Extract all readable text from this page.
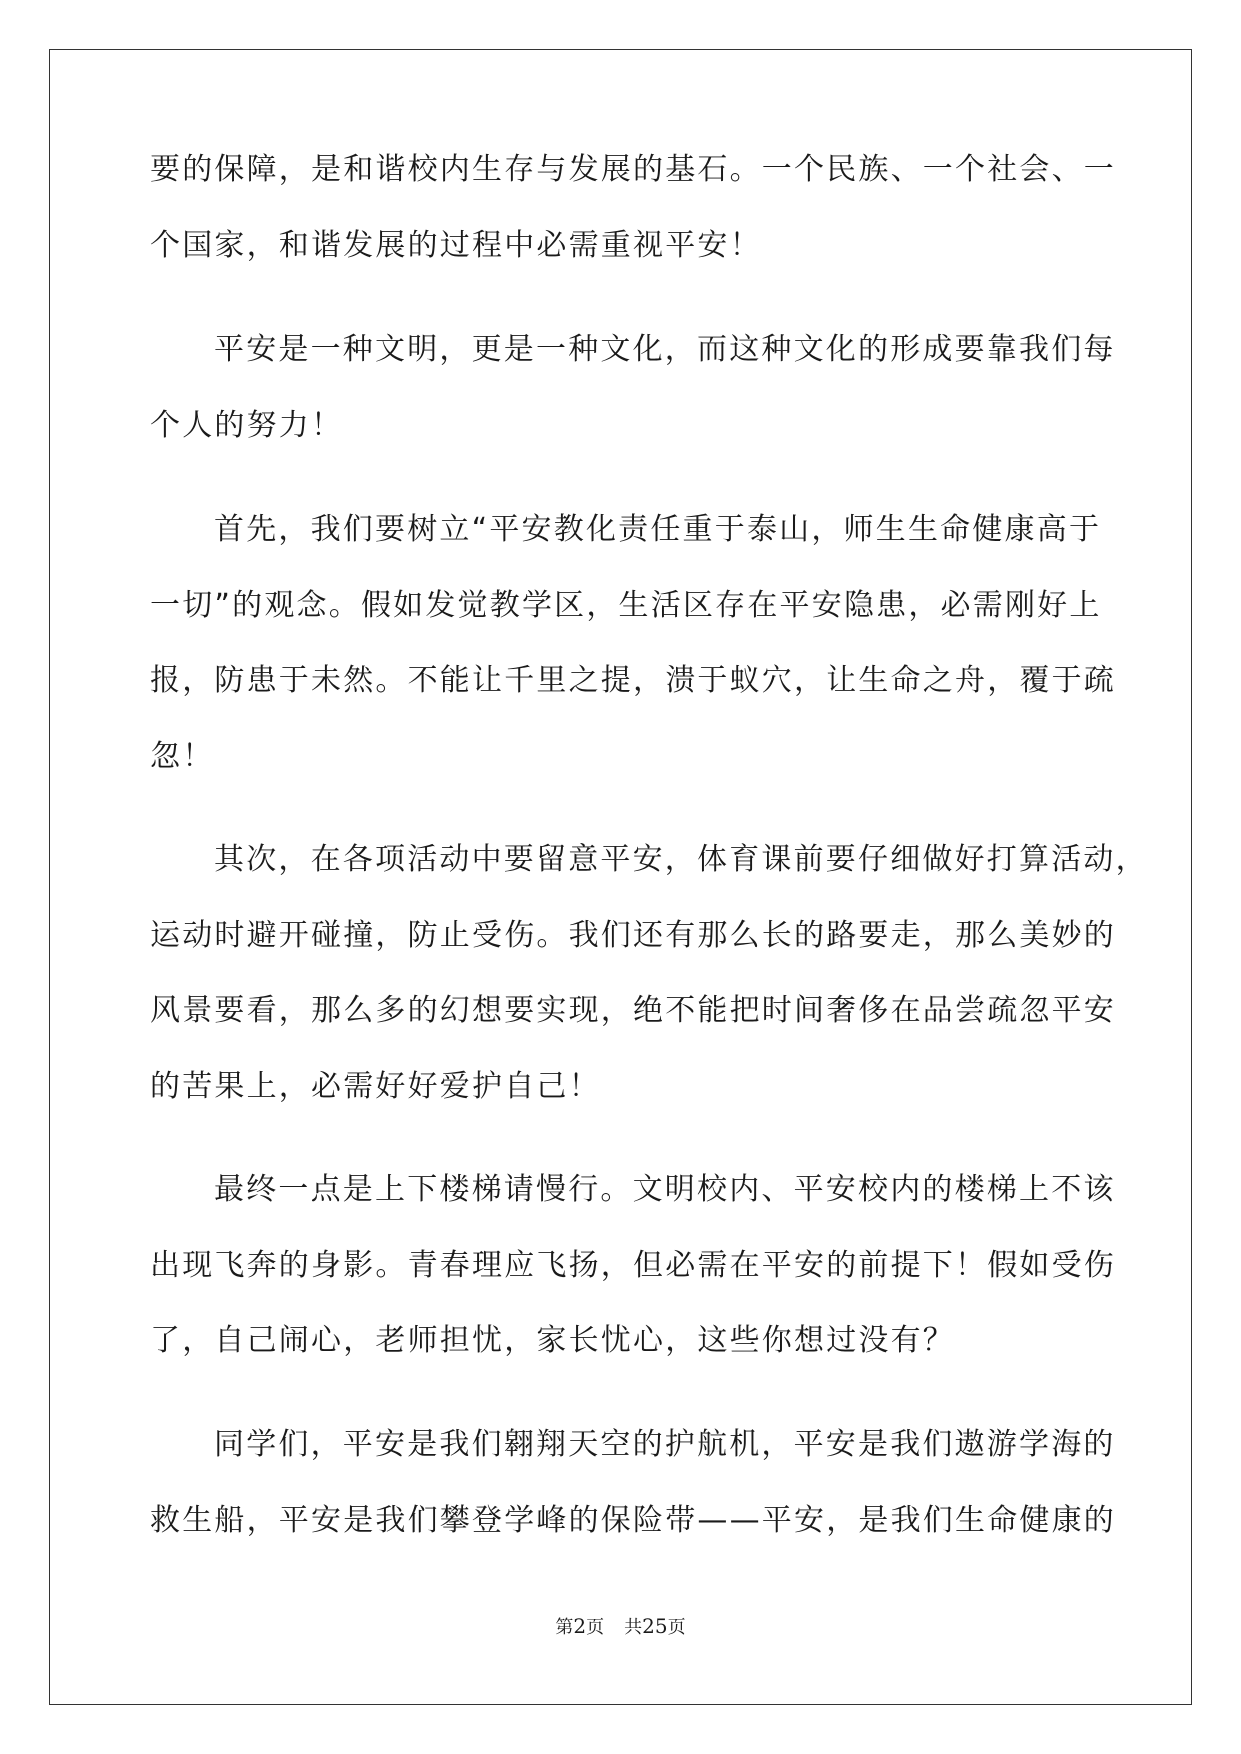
要的保障，是和谐校内生存与发展的基石。一个民族、一个社会、一
个国家，和谐发展的过程中必需重视平安！
平安是一种文明，更是一种文化，而这种文化的形成要靠我们每
个人的努力！
首先，我们要树立“平安教化责任重于泰山，师生生命健康高于
一切”的观念。假如发觉教学区，生活区存在平安隐患，必需刚好上
报，防患于未然。不能让千里之提，溃于蚁穴，让生命之舟，覆于疏
忽！
其次，在各项活动中要留意平安，体育课前要仔细做好打算活动，
运动时避开碰撞，防止受伤。我们还有那么长的路要走，那么美妙的
风景要看，那么多的幻想要实现，绝不能把时间奢侈在品尝疏忽平安
的苦果上，必需好好爱护自己！
最终一点是上下楼梯请慢行。文明校内、平安校内的楼梯上不该
出现飞奔的身影。青春理应飞扬，但必需在平安的前提下！假如受伤
了，自己闹心，老师担忧，家长忧心，这些你想过没有？
同学们，平安是我们翱翔天空的护航机，平安是我们遨游学海的
救生船，平安是我们攀登学峰的保险带——平安，是我们生命健康的
第2页 共25页
